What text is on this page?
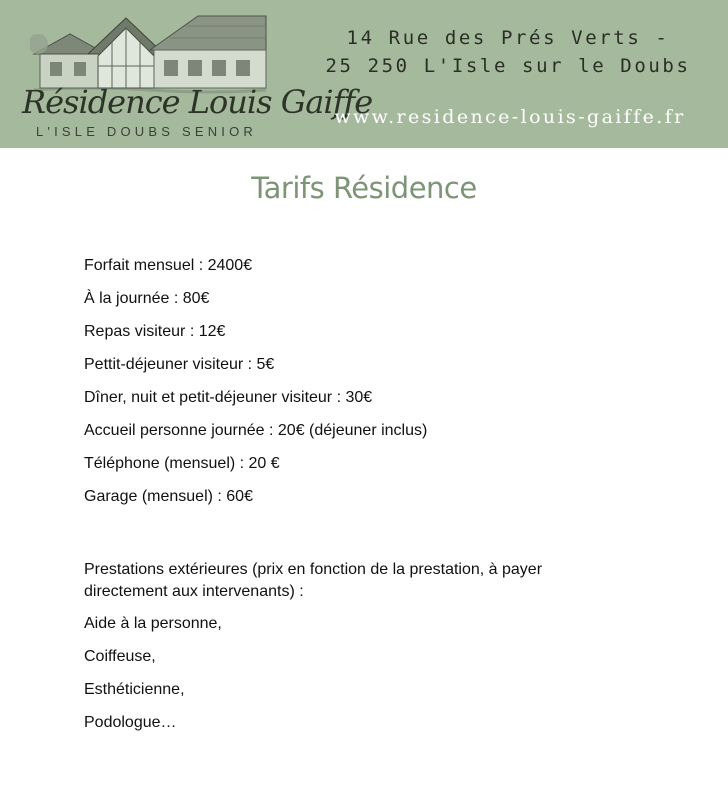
Résidence Louis Gaiffe
L'ISLE DOUBS SENIOR
14 Rue des Prés Verts -
25 250 L'Isle sur le Doubs
www.residence-louis-gaiffe.fr
Tarifs Résidence
Forfait mensuel : 2400€
À la journée : 80€
Repas visiteur : 12€
Pettit-déjeuner visiteur : 5€
Dîner, nuit et petit-déjeuner visiteur : 30€
Accueil personne journée : 20€ (déjeuner inclus)
Téléphone (mensuel) : 20 €
Garage (mensuel) : 60€

Prestations extérieures (prix en fonction de la prestation, à payer directement aux intervenants) :

Aide à la personne,
Coiffeuse,
Esthéticienne,
Podologue…
